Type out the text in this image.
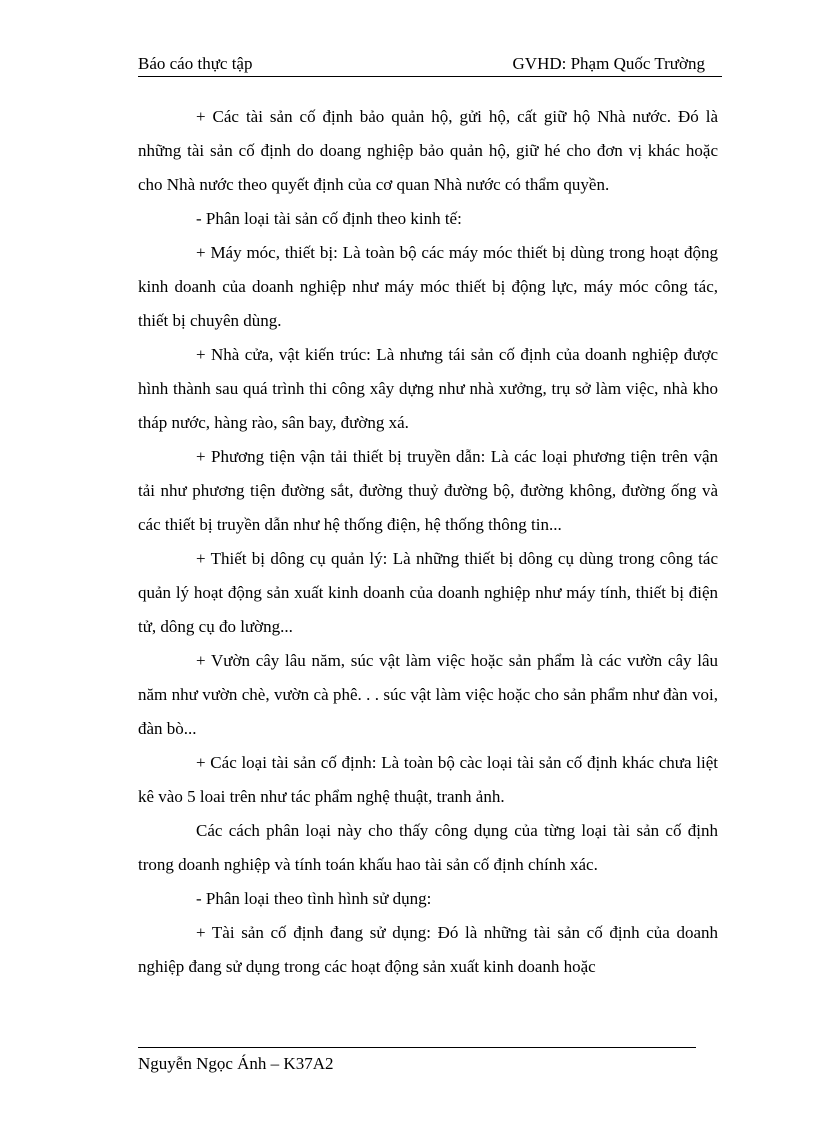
Báo cáo thực tập	GVHD: Phạm Quốc Trường

+ Các tài sản cố định bảo quản hộ, gửi hộ, cất giữ hộ Nhà nước. Đó là những tài sản cố định do doang nghiệp bảo quản hộ, giữ hé cho đơn vị khác hoặc cho Nhà nước theo quyết định của cơ quan Nhà nước có thẩm quyền.

- Phân loại tài sản cố định theo kinh tế:

+ Máy móc, thiết bị: Là toàn bộ các máy móc thiết bị dùng trong hoạt động kinh doanh của doanh nghiệp như máy móc thiết bị động lực, máy móc công tác, thiết bị chuyên dùng.

+ Nhà cửa, vật kiến trúc: Là nhưng tái sản cố định của doanh nghiệp được hình thành sau quá trình thi công xây dựng như nhà xưởng, trụ sở làm việc, nhà kho tháp nước, hàng rào, sân bay, đường xá.

+ Phương tiện vận tải thiết bị truyền dẫn: Là các loại phương tiện trên vận tải như phương tiện đường sắt, đường thuỷ đường bộ, đường không, đường ống và các thiết bị truyền dẫn như hệ thống điện, hệ thống thông tin...

+ Thiết bị dông cụ quản lý: Là những thiết bị dông cụ dùng trong công tác quản lý hoạt động sản xuất kinh doanh của doanh nghiệp như máy tính, thiết bị điện tử, dông cụ đo lường...

+ Vườn cây lâu năm, súc vật làm việc hoặc sản phẩm là các vườn cây lâu năm như vườn chè, vườn cà phê. . . súc vật làm việc hoặc cho sản phẩm như đàn voi, đàn bò...

+ Các loại tài sản cố định: Là toàn bộ càc loại tài sản cố định khác chưa liệt kê vào 5 loai trên như tác phẩm nghệ thuật, tranh ảnh.

Các cách phân loại này cho thấy công dụng của từng loại tài sản cố định trong doanh nghiệp và tính toán khấu hao tài sản cố định chính xác.

- Phân loại theo tình hình sử dụng:

+ Tài sản cố định đang sử dụng: Đó là những tài sản cố định của doanh nghiệp đang sử dụng trong các hoạt động sản xuất kinh doanh hoặc

Nguyễn Ngọc Ánh – K37A2
